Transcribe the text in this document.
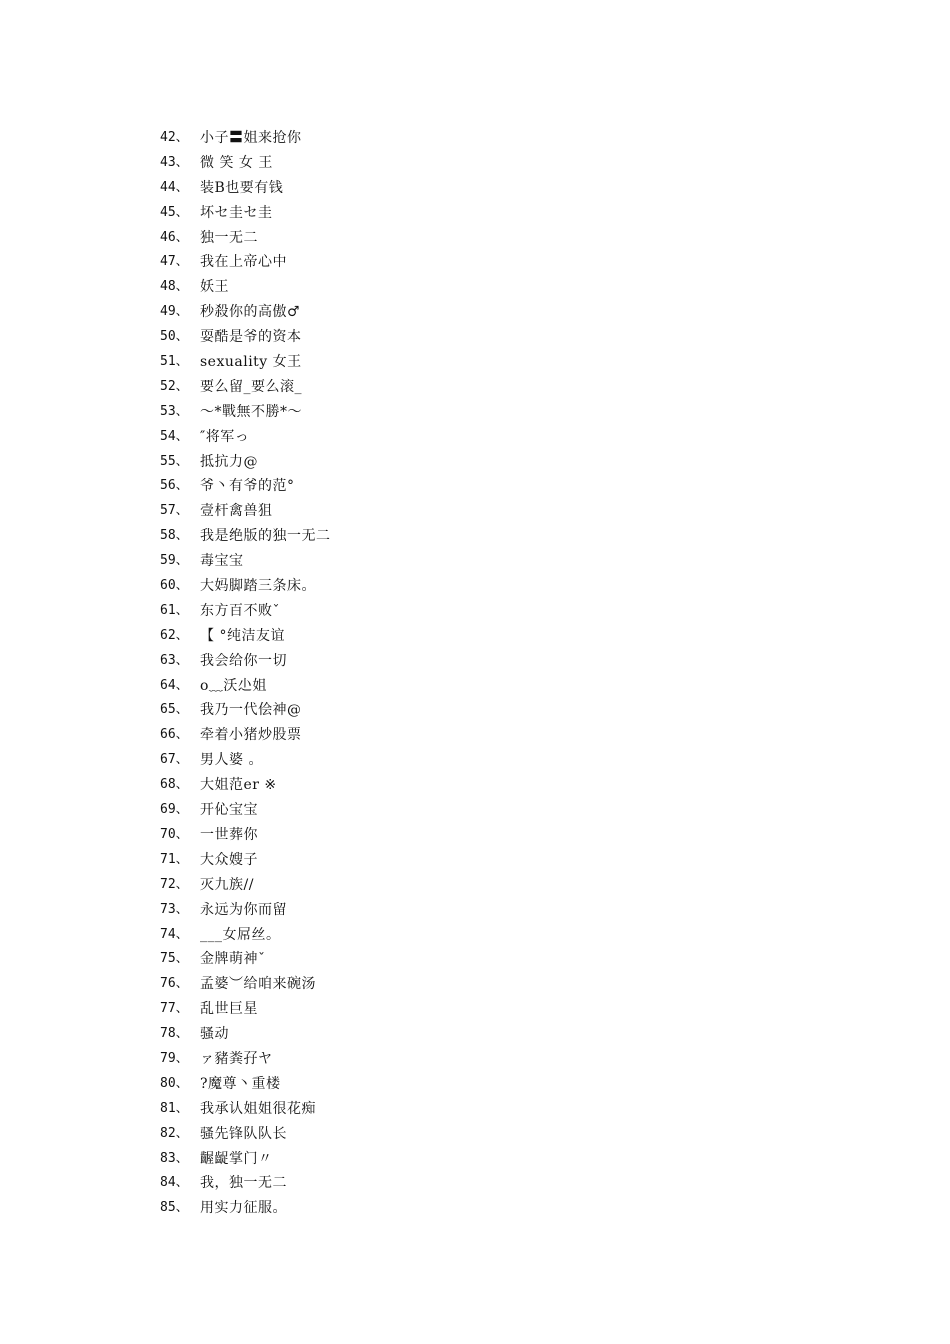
42、 小子〓姐来抢你
43、 微 笑 女 王
44、 装B也要有钱
45、 坏セ圭セ圭
46、 独一无二
47、 我在上帝心中
48、 妖王
49、 秒殺你的高傲♂
50、 耍酷是爷的资本
51、 sexuality 女王
52、 要么留_要么滚_
53、 ～*戰無不勝*～
54、 ″将军っ
55、 抵抗力@
56、 爷丶有爷的范°
57、 壹杆禽兽狙
58、 我是绝版的独一无二
59、 毒宝宝
60、 大妈脚踏三条床。
61、 东方百不败ˇ
62、 【 °纯洁友谊
63、 我会给你一切
64、 o﹏沃尐姐
65、 我乃一代侩神@
66、 牵着小猪炒股票
67、 男人婆 。
68、 大姐范er ※
69、 开伈宝宝
70、 一世葬你
71、 大众嫂子
72、 灭九族//
73、 永远为你而留
74、 ___女屌丝。
75、 金牌萌神ˇ
76、 孟婆︶给咱来碗汤
77、 乱世巨星
78、 骚动
79、 ァ豬粪孖ヤ
80、 ?魔尊丶重楼
81、 我承认姐姐很花痴
82、 骚先锋队队长
83、 齷齪掌门〃
84、 我，独一无二
85、 用实力征服。
